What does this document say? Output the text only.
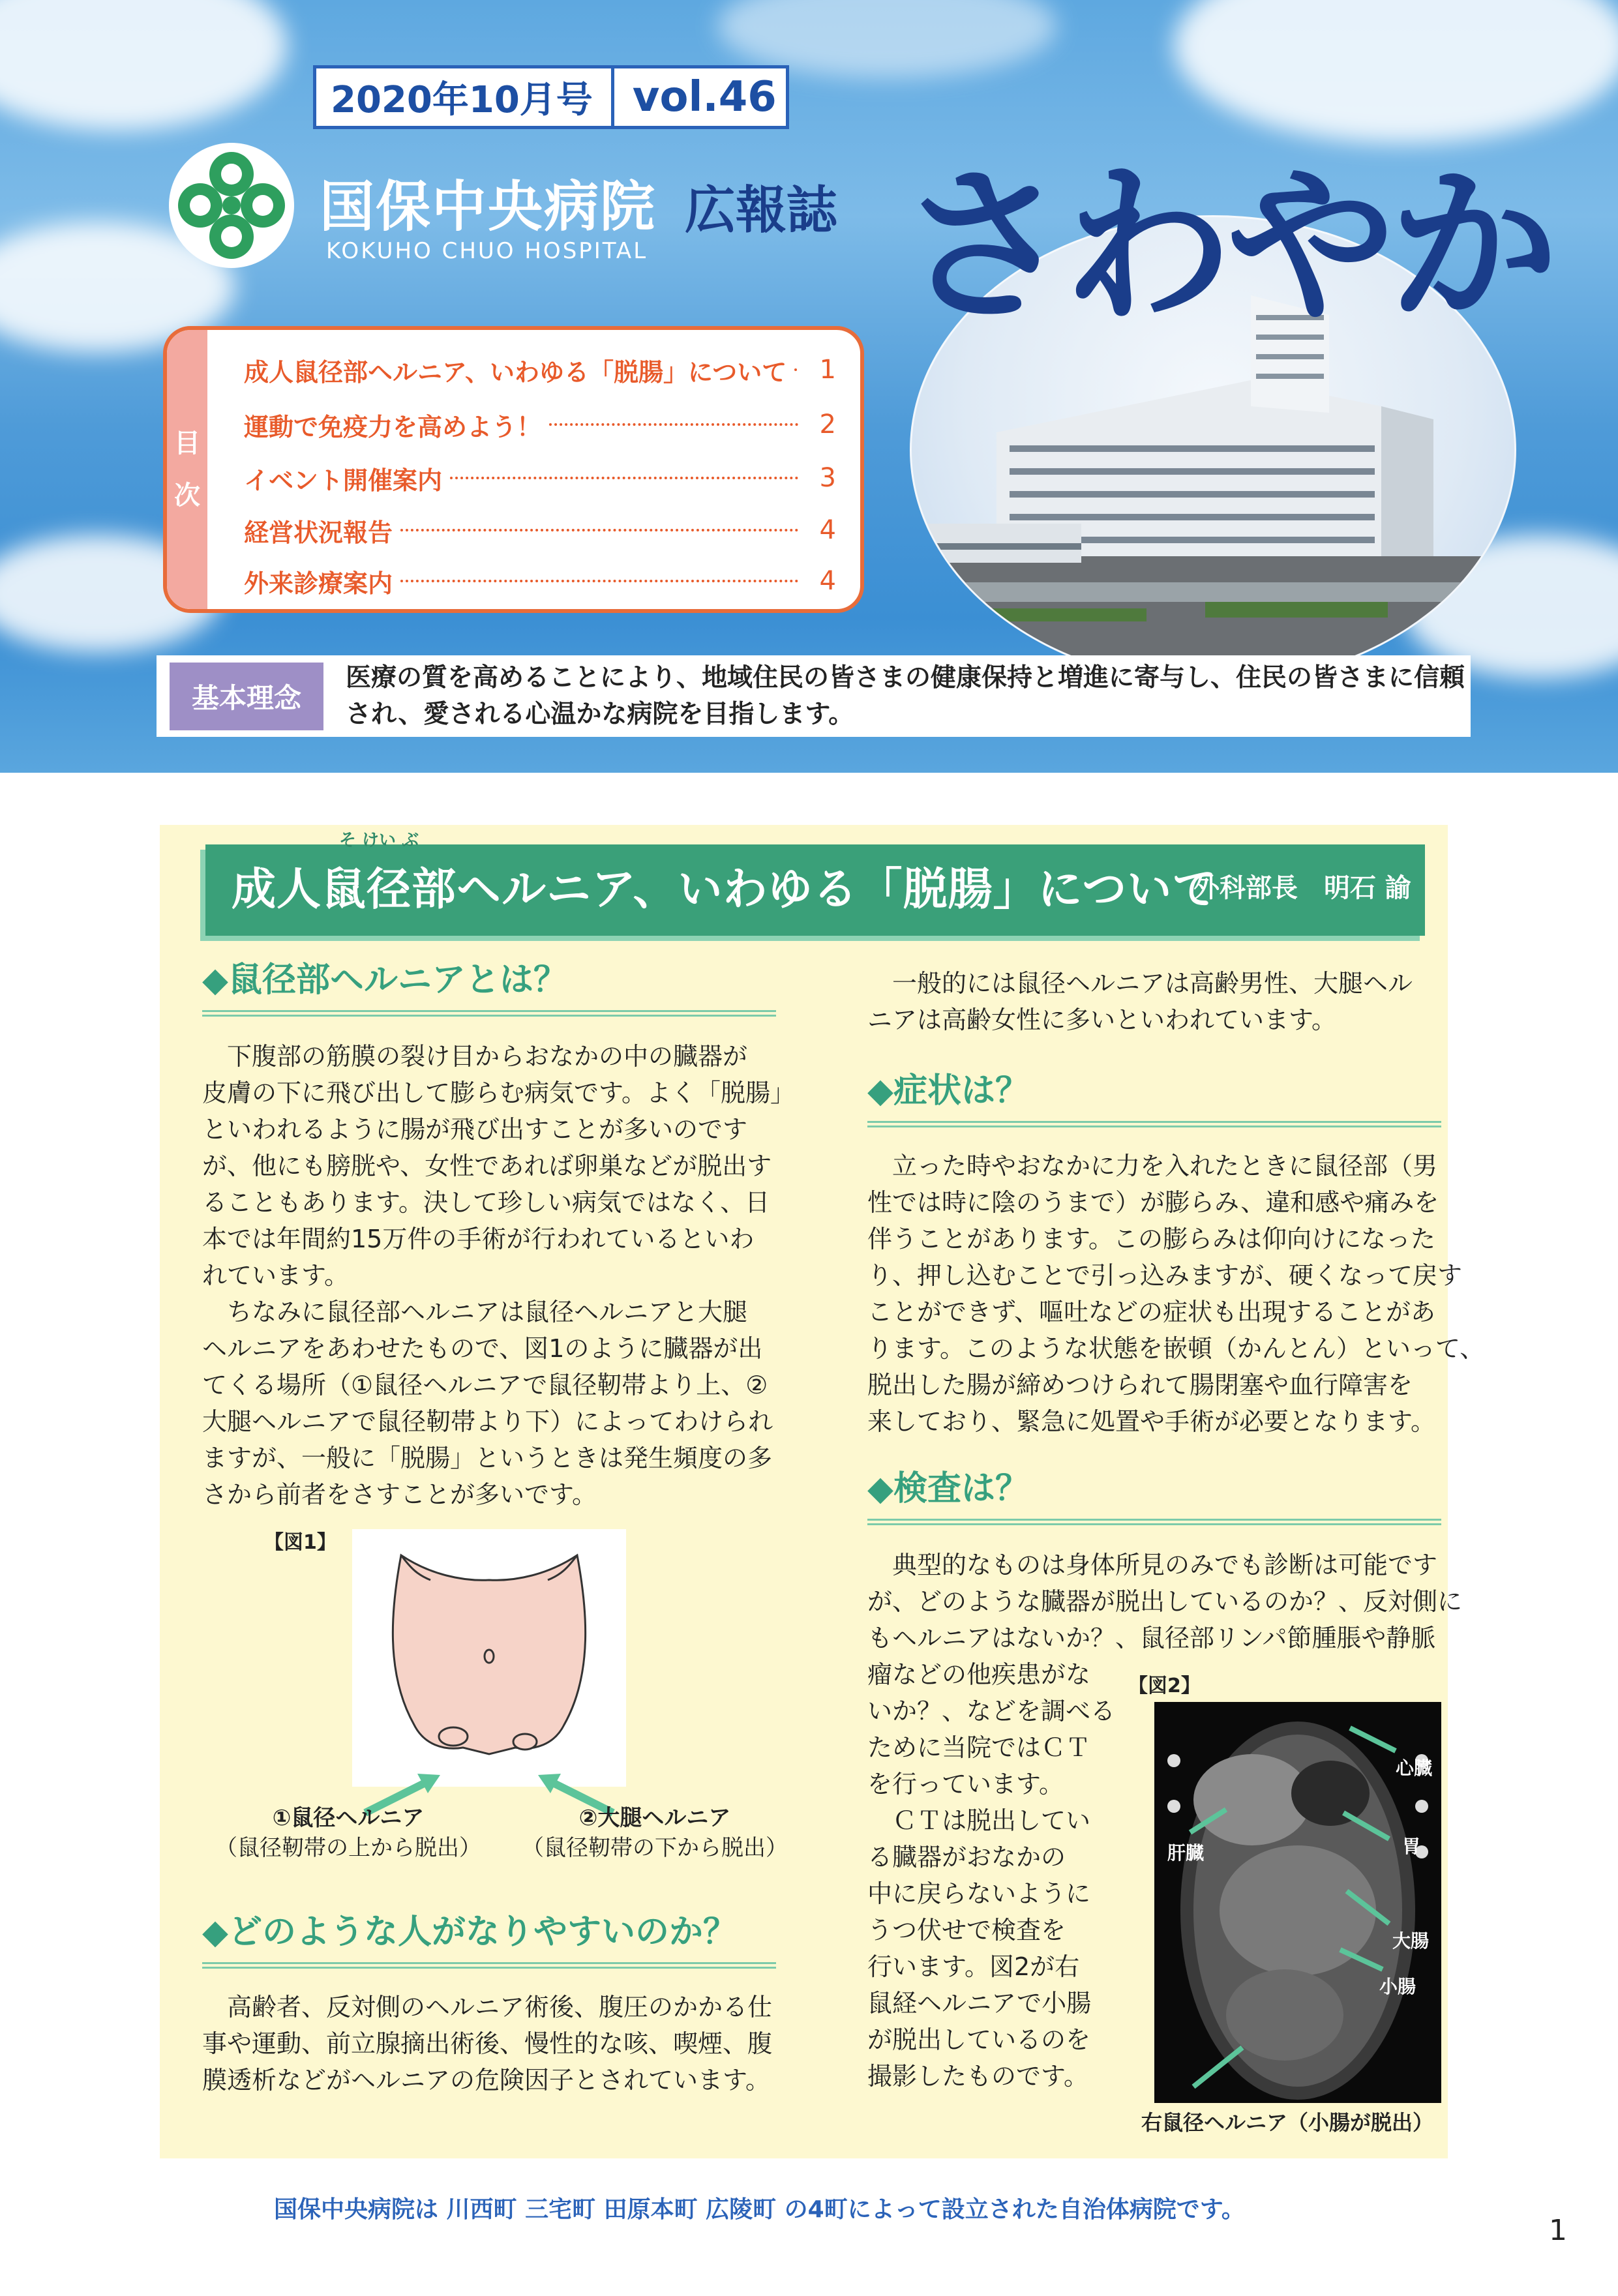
2020年10月号 vol.46
国保中央病院 広報誌
KOKUHO CHUO HOSPITAL さわやか
目
次
成人鼠径部ヘルニア、いわゆる「脱腸」について	1
運動で免疫力を高めよう！	2
イベント開催案内	3
経営状況報告	4
外来診療案内	4
基本理念
医療の質を高めることにより、地域住民の皆さまの健康保持と増進に寄与し、住民の皆さまに信頼
され、愛される心温かな病院を目指します。
そ けい ぶ
成人鼠径部ヘルニア、いわゆる「脱腸」について
外科部長　明石 諭
◆鼠径部ヘルニアとは？
　下腹部の筋膜の裂け目からおなかの中の臓器が
皮膚の下に飛び出して膨らむ病気です。よく「脱腸」
といわれるように腸が飛び出すことが多いのです
が、他にも膀胱や、女性であれば卵巣などが脱出す
ることもあります。決して珍しい病気ではなく、日
本では年間約15万件の手術が行われているといわ
れています。
　ちなみに鼠径部ヘルニアは鼠径ヘルニアと大腿
ヘルニアをあわせたもので、図1のように臓器が出
てくる場所（①鼠径ヘルニアで鼠径靭帯より上、②
大腿ヘルニアで鼠径靭帯より下）によってわけられ
ますが、一般に「脱腸」というときは発生頻度の多
さから前者をさすことが多いです。
【図1】
①鼠径ヘルニア
（鼠径靭帯の上から脱出）
②大腿ヘルニア
（鼠径靭帯の下から脱出）
◆どのような人がなりやすいのか？
　高齢者、反対側のヘルニア術後、腹圧のかかる仕
事や運動、前立腺摘出術後、慢性的な咳、喫煙、腹
膜透析などがヘルニアの危険因子とされています。
　一般的には鼠径ヘルニアは高齢男性、大腿ヘル
ニアは高齢女性に多いといわれています。
◆症状は？
　立った時やおなかに力を入れたときに鼠径部（男
性では時に陰のうまで）が膨らみ、違和感や痛みを
伴うことがあります。この膨らみは仰向けになった
り、押し込むことで引っ込みますが、硬くなって戻す
ことができず、嘔吐などの症状も出現することがあ
ります。このような状態を嵌頓（かんとん）といって、
脱出した腸が締めつけられて腸閉塞や血行障害を
来しており、緊急に処置や手術が必要となります。
◆検査は？
　典型的なものは身体所見のみでも診断は可能です
が、どのような臓器が脱出しているのか？、反対側に
もヘルニアはないか？、鼠径部リンパ節腫脹や静脈
瘤などの他疾患がな
いか？、などを調べる
ために当院ではＣＴ
を行っています。
　ＣＴは脱出してい
る臓器がおなかの
中に戻らないように
うつ伏せで検査を
行います。図2が右
鼠経ヘルニアで小腸
が脱出しているのを
撮影したものです。
【図2】
心臓
肝臓	胃
大腸
小腸
右鼠径ヘルニア（小腸が脱出）
国保中央病院は 川西町 三宅町 田原本町 広陵町 の4町によって設立された自治体病院です。
1
